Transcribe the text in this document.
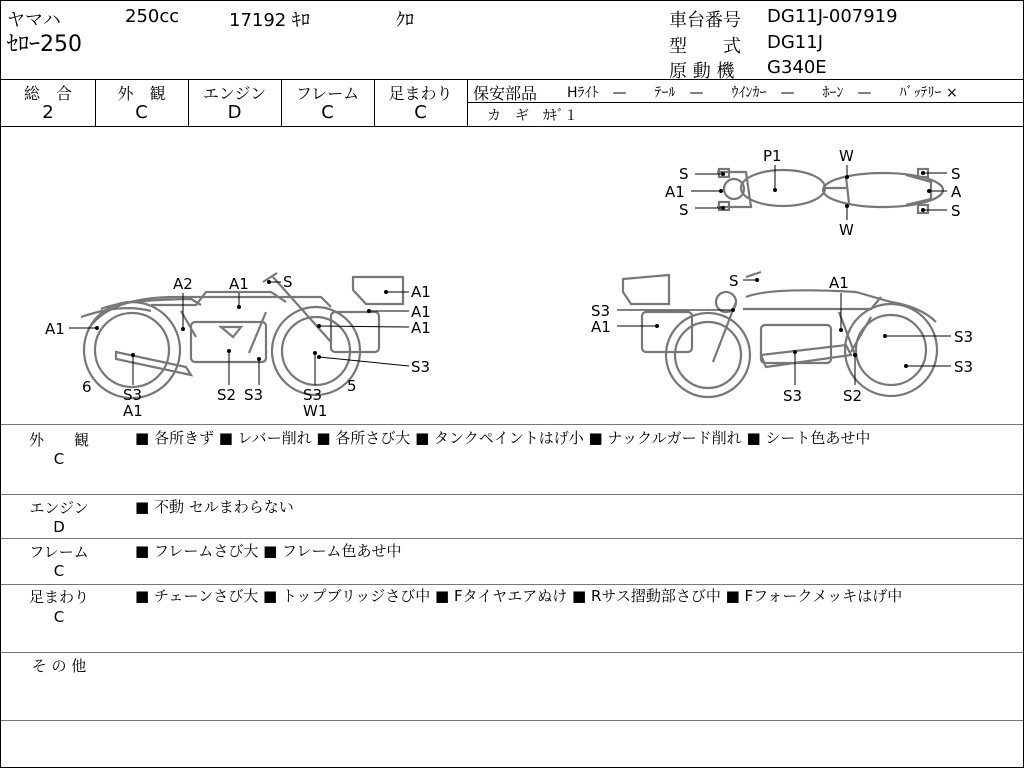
ヤマハ	250cc	17192 ｷﾛ	ｸﾛ
ｾﾛｰ250
車台番号 DG11J-007919
型　　式 DG11J
原 動 機 G340E
総　合	外　観	エンジン	フレーム	足まわり
2	C	D	C	C
保安部品 Hﾗｲﾄ　—　　ﾃｰﾙ　—　　ｳｲﾝｶｰ　—　　ﾎｰﾝ　—　　ﾊﾞｯﾃﾘｰ ×
カ　ギ　ｶｷﾞ１
A2 A1 S
A1
A1
A1
A1
S3
6 S3
A1
S2 S3	5
S3
W1
S	A1
S3
A1
S3
S3
S3	S2
P1	W
S
A1
S
S
A
S
W
外　　観
C
■ 各所きず ■ レバー削れ ■ 各所さび大 ■ タンクペイントはげ小 ■ ナックルガード削れ ■ シート色あせ中
エンジン
D
■ 不動 セルまわらない
フレーム
C
■ フレームさび大 ■ フレーム色あせ中
足まわり
C
■ チェーンさび大 ■ トップブリッジさび中 ■ Fタイヤエアぬけ ■ Rサス摺動部さび中 ■ Fフォークメッキはげ中
そ の 他
